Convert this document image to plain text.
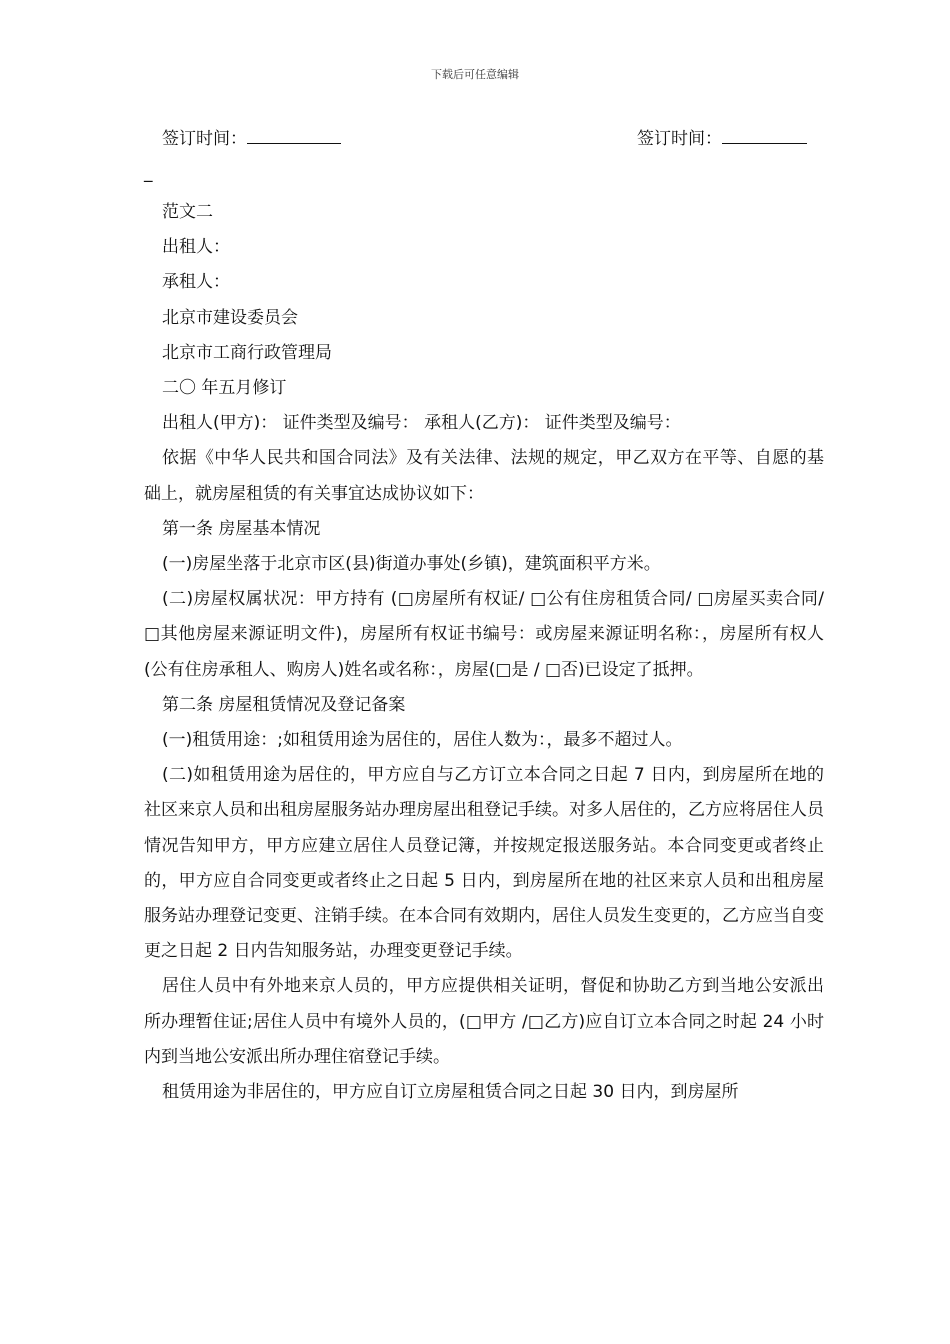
下载后可任意编辑
签订时间：	签订时间：
_

范文二

出租人：

承租人：

北京市建设委员会

北京市工商行政管理局

二〇 年五月修订

出租人(甲方)： 证件类型及编号： 承租人(乙方)： 证件类型及编号：

依据《中华人民共和国合同法》及有关法律、法规的规定，甲乙双方在平等、自愿的基础上，就房屋租赁的有关事宜达成协议如下：

第一条 房屋基本情况

(一)房屋坐落于北京市区(县)街道办事处(乡镇)，建筑面积平方米。

(二)房屋权属状况：甲方持有 (□房屋所有权证/ □公有住房租赁合同/ □房屋买卖合同/ □其他房屋来源证明文件)，房屋所有权证书编号：或房屋来源证明名称：，房屋所有权人(公有住房承租人、购房人)姓名或名称：，房屋(□是 / □否)已设定了抵押。

第二条 房屋租赁情况及登记备案

(一)租赁用途：;如租赁用途为居住的，居住人数为：，最多不超过人。

(二)如租赁用途为居住的，甲方应自与乙方订立本合同之日起 7 日内，到房屋所在地的社区来京人员和出租房屋服务站办理房屋出租登记手续。对多人居住的，乙方应将居住人员情况告知甲方，甲方应建立居住人员登记簿，并按规定报送服务站。本合同变更或者终止的，甲方应自合同变更或者终止之日起 5 日内，到房屋所在地的社区来京人员和出租房屋服务站办理登记变更、注销手续。在本合同有效期内，居住人员发生变更的，乙方应当自变更之日起 2 日内告知服务站，办理变更登记手续。

居住人员中有外地来京人员的，甲方应提供相关证明，督促和协助乙方到当地公安派出所办理暂住证;居住人员中有境外人员的，(□甲方 /□乙方)应自订立本合同之时起 24 小时内到当地公安派出所办理住宿登记手续。

租赁用途为非居住的，甲方应自订立房屋租赁合同之日起 30 日内，到房屋所
